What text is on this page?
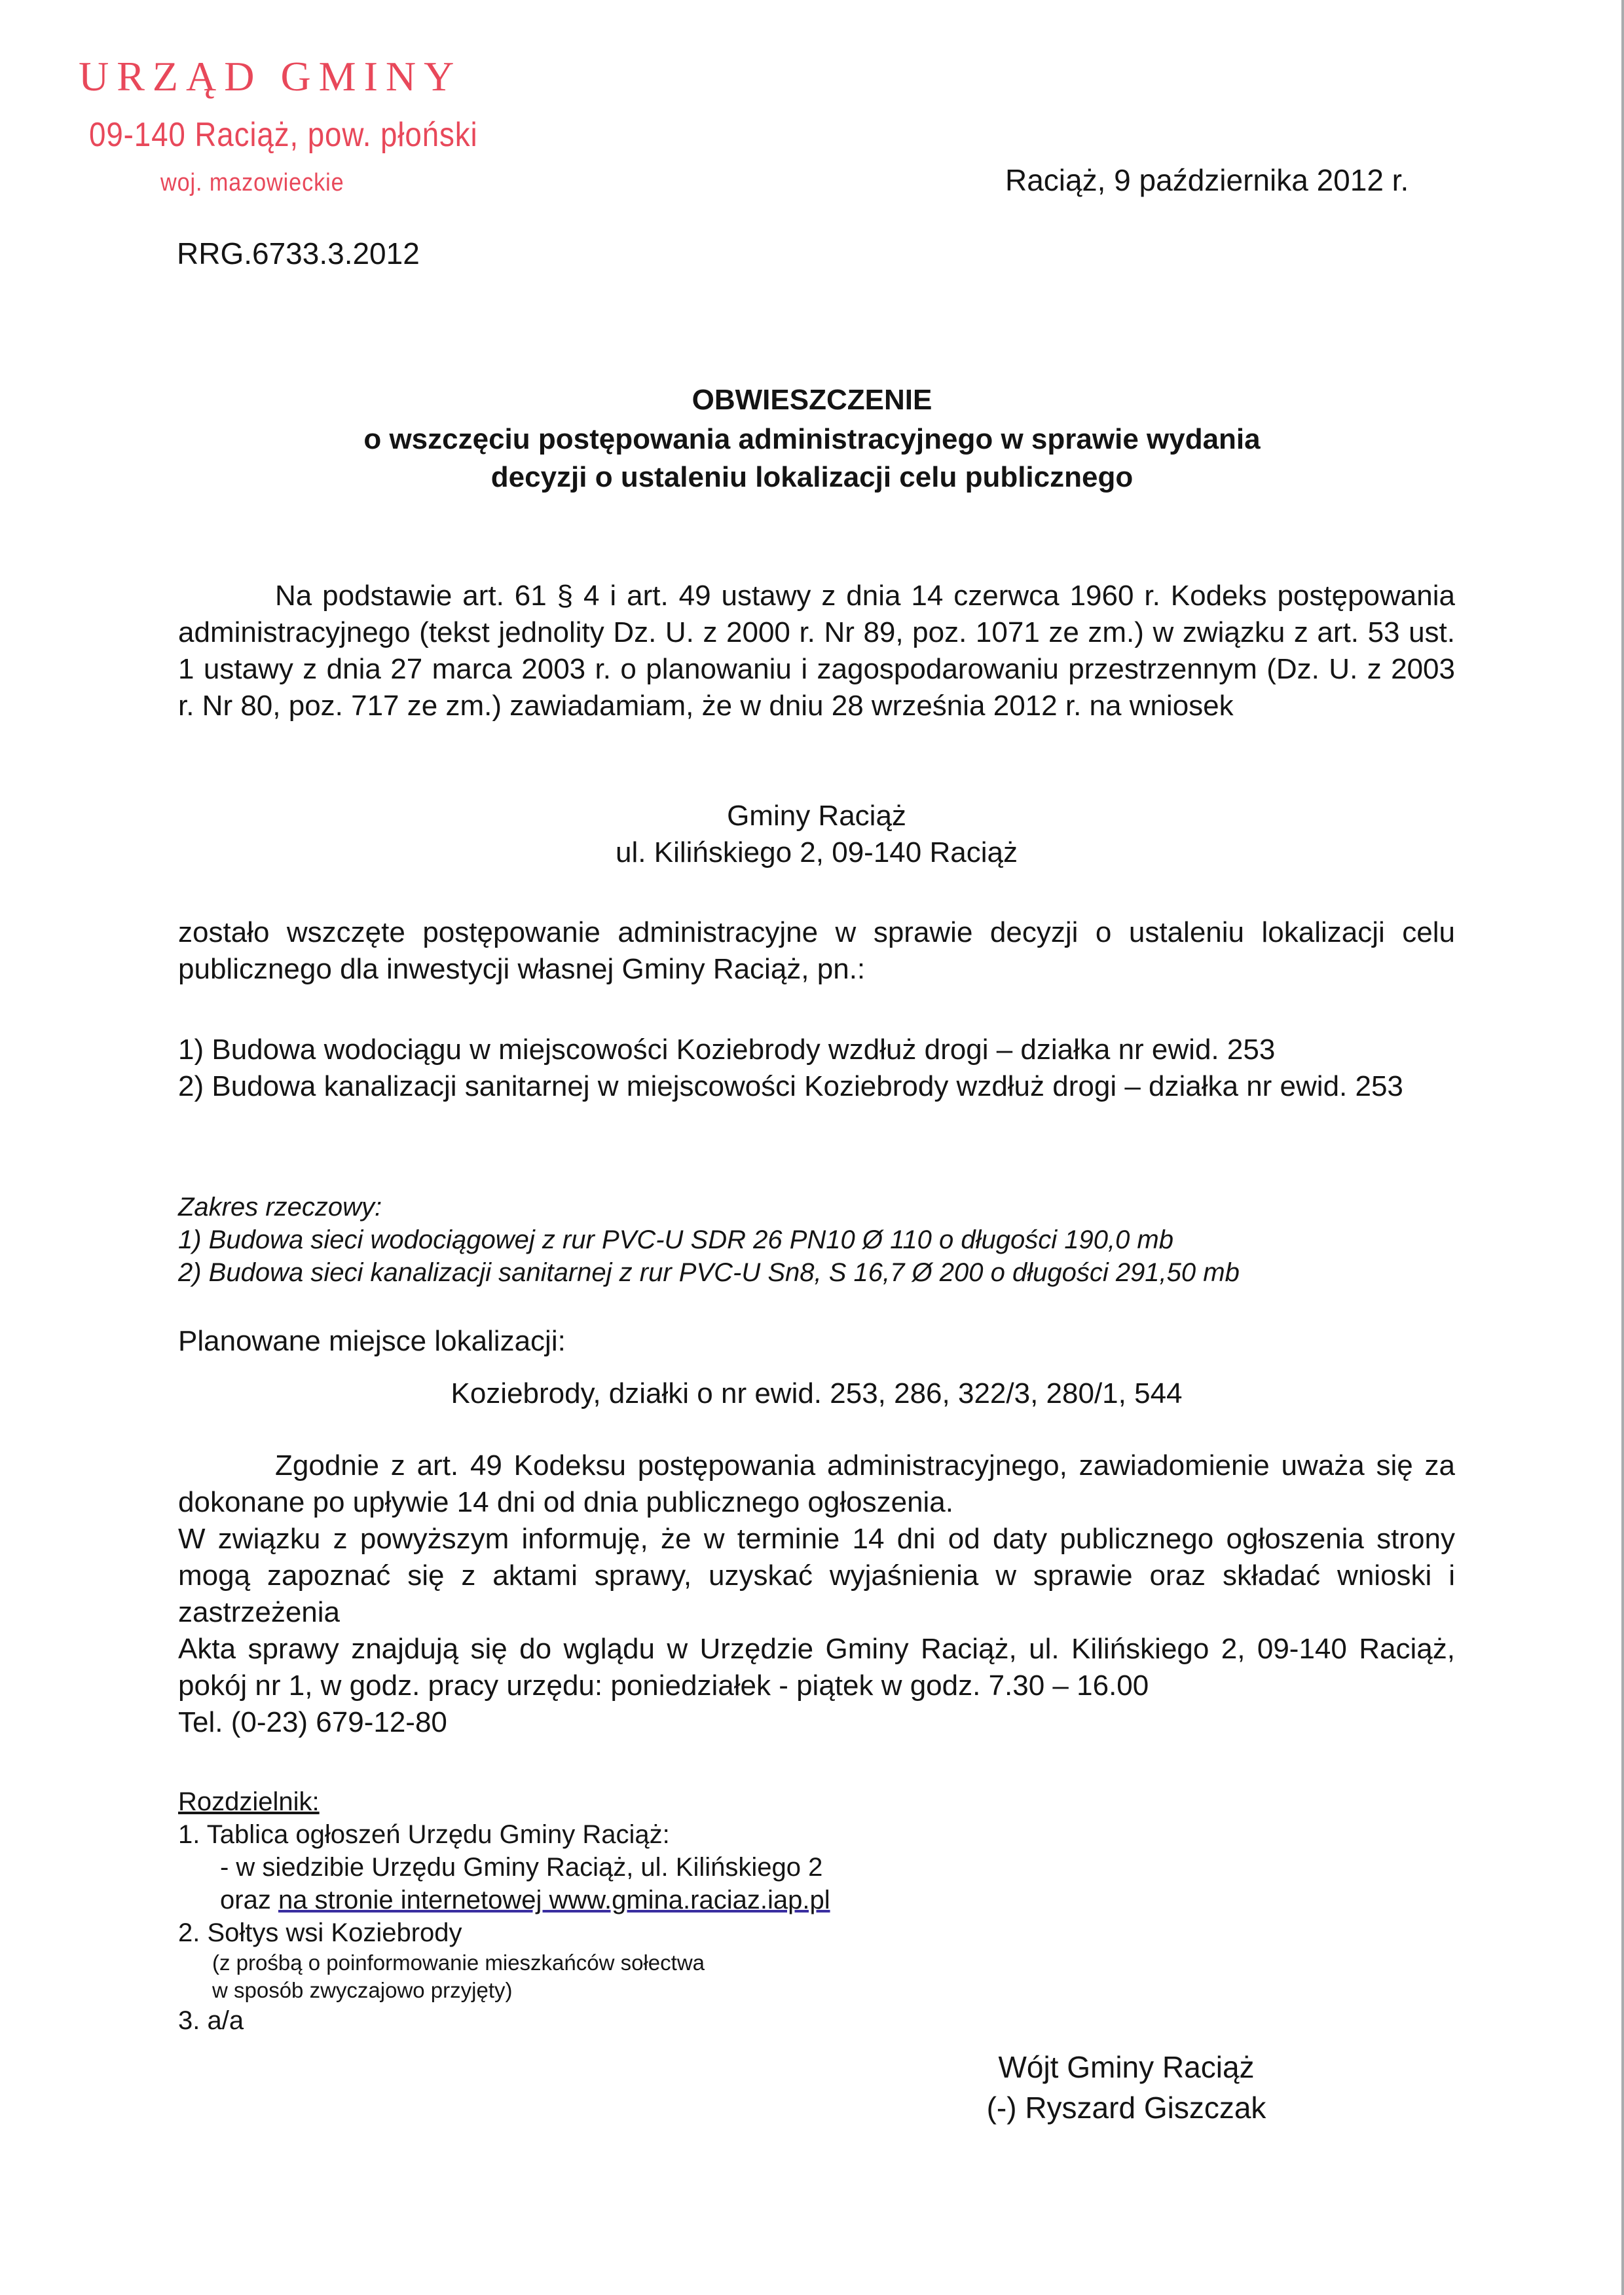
URZĄD GMINY
09-140 Raciąż, pow. płoński
woj. mazowieckie	Raciąż, 9 października 2012 r.
RRG.6733.3.2012
OBWIESZCZENIE
o wszczęciu postępowania administracyjnego w sprawie wydania
decyzji o ustaleniu lokalizacji celu publicznego
Na podstawie art. 61 § 4 i art. 49 ustawy z dnia 14 czerwca 1960 r. Kodeks postępowania administracyjnego (tekst jednolity Dz. U. z 2000 r. Nr 89, poz. 1071 ze zm.) w związku z art. 53 ust. 1 ustawy z dnia 27 marca 2003 r. o planowaniu i zagospodarowaniu przestrzennym (Dz. U. z 2003 r. Nr 80, poz. 717 ze zm.) zawiadamiam, że w dniu 28 września 2012 r. na wniosek
Gminy Raciąż
ul. Kilińskiego 2, 09-140 Raciąż
zostało wszczęte postępowanie administracyjne w sprawie decyzji o ustaleniu lokalizacji celu publicznego dla inwestycji własnej Gminy Raciąż, pn.:
1) Budowa wodociągu w miejscowości Koziebrody wzdłuż drogi – działka nr ewid. 253
2) Budowa kanalizacji sanitarnej w miejscowości Koziebrody wzdłuż drogi – działka nr ewid. 253
Zakres rzeczowy:
1) Budowa sieci wodociągowej z rur PVC-U SDR 26 PN10 Ø 110 o długości 190,0 mb
2) Budowa sieci kanalizacji sanitarnej z rur PVC-U Sn8, S 16,7 Ø 200 o długości 291,50 mb
Planowane miejsce lokalizacji:
Koziebrody, działki o nr ewid. 253, 286, 322/3, 280/1, 544
Zgodnie z art. 49 Kodeksu postępowania administracyjnego, zawiadomienie uważa się za dokonane po upływie 14 dni od dnia publicznego ogłoszenia.
W związku z powyższym informuję, że w terminie 14 dni od daty publicznego ogłoszenia strony mogą zapoznać się z aktami sprawy, uzyskać wyjaśnienia w sprawie oraz składać wnioski i zastrzeżenia
Akta sprawy znajdują się do wglądu w Urzędzie Gminy Raciąż, ul. Kilińskiego 2, 09-140 Raciąż, pokój nr 1, w godz. pracy urzędu: poniedziałek - piątek w godz. 7.30 – 16.00
Tel. (0-23) 679-12-80
Rozdzielnik:
1. Tablica ogłoszeń Urzędu Gminy Raciąż:
- w siedzibie Urzędu Gminy Raciąż, ul. Kilińskiego 2
oraz na stronie internetowej www.gmina.raciaz.iap.pl
2. Sołtys wsi Koziebrody
(z prośbą o poinformowanie mieszkańców sołectwa
w sposób zwyczajowo przyjęty)
3. a/a
Wójt Gminy Raciąż
(-) Ryszard Giszczak
